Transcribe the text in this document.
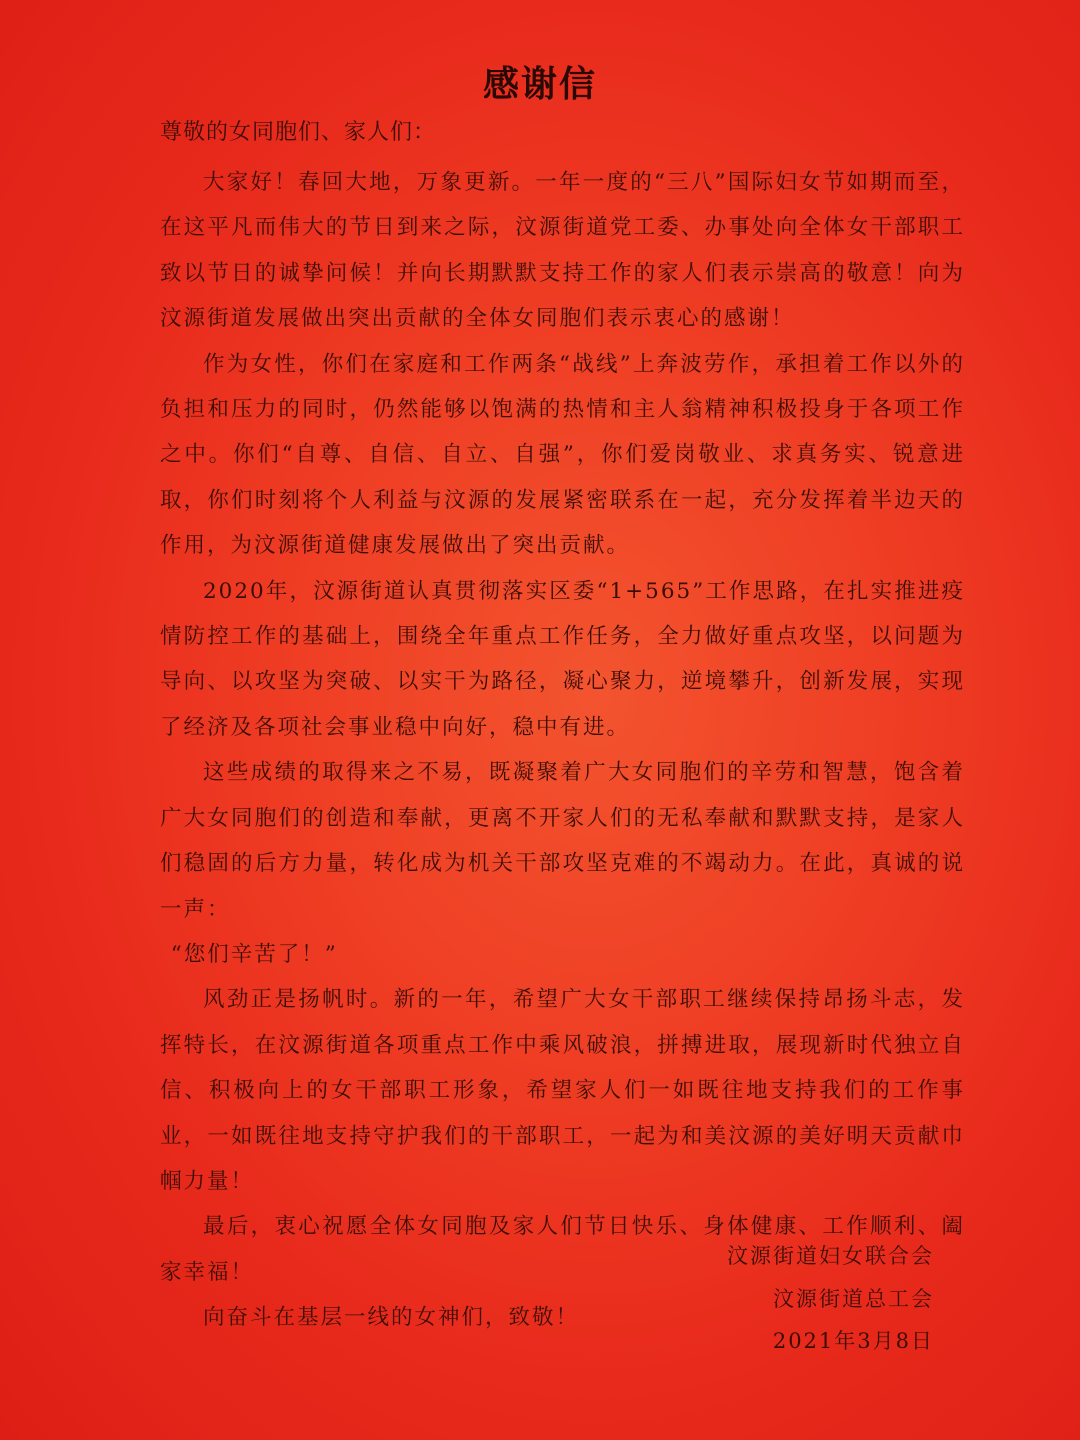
感谢信
尊敬的女同胞们、家人们：

大家好！春回大地，万象更新。一年一度的“三八”国际妇女节如期而至，在这平凡而伟大的节日到来之际，汶源街道党工委、办事处向全体女干部职工致以节日的诚挚问候！并向长期默默支持工作的家人们表示崇高的敬意！向为汶源街道发展做出突出贡献的全体女同胞们表示衷心的感谢！

作为女性，你们在家庭和工作两条“战线”上奔波劳作，承担着工作以外的负担和压力的同时，仍然能够以饱满的热情和主人翁精神积极投身于各项工作之中。你们“自尊、自信、自立、自强”，你们爱岗敬业、求真务实、锐意进取，你们时刻将个人利益与汶源的发展紧密联系在一起，充分发挥着半边天的作用，为汶源街道健康发展做出了突出贡献。

2020年，汶源街道认真贯彻落实区委“1+565”工作思路，在扎实推进疫情防控工作的基础上，围绕全年重点工作任务，全力做好重点攻坚，以问题为导向、以攻坚为突破、以实干为路径，凝心聚力，逆境攀升，创新发展，实现了经济及各项社会事业稳中向好，稳中有进。

这些成绩的取得来之不易，既凝聚着广大女同胞们的辛劳和智慧，饱含着广大女同胞们的创造和奉献，更离不开家人们的无私奉献和默默支持，是家人们稳固的后方力量，转化成为机关干部攻坚克难的不竭动力。在此，真诚的说一声：

“您们辛苦了！”

风劲正是扬帆时。新的一年，希望广大女干部职工继续保持昂扬斗志，发挥特长，在汶源街道各项重点工作中乘风破浪，拼搏进取，展现新时代独立自信、积极向上的女干部职工形象，希望家人们一如既往地支持我们的工作事业，一如既往地支持守护我们的干部职工，一起为和美汶源的美好明天贡献巾帼力量！

最后，衷心祝愿全体女同胞及家人们节日快乐、身体健康、工作顺利、阖家幸福！

向奋斗在基层一线的女神们，致敬！

汶源街道妇女联合会
汶源街道总工会
2021年3月8日
